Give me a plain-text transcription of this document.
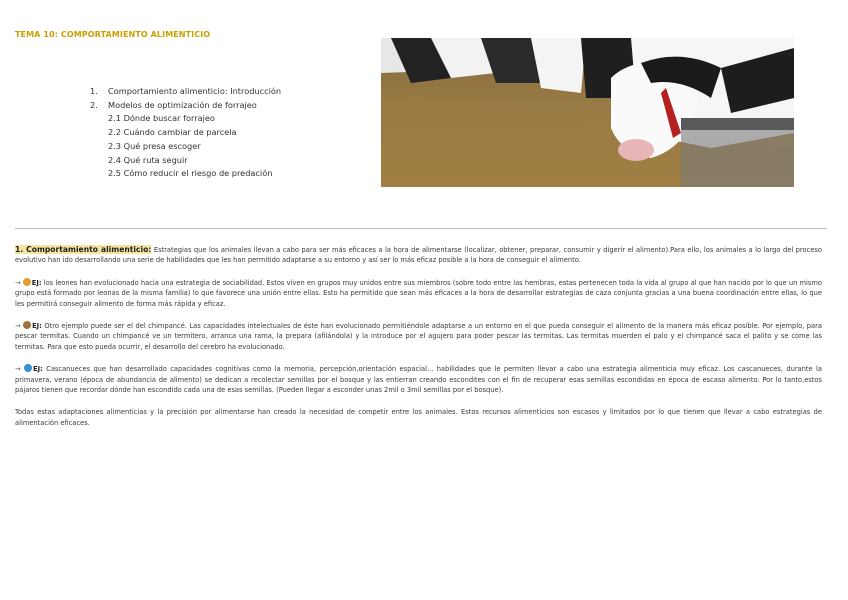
TEMA 10: COMPORTAMIENTO ALIMENTICIO
1. Comportamiento alimenticio: Introducción
2. Modelos de optimización de forrajeo
2.1 Dónde buscar forrajeo
2.2 Cuándo cambiar de parcela
2.3 Qué presa escoger
2.4 Qué ruta seguir
2.5 Cómo reducir el riesgo de predación

1. Comportamiento alimenticio: Estrategias que los animales llevan a cabo para ser más eficaces a la hora de alimentarse (localizar, obtener, preparar, consumir y digerir el alimento).Para ello, los animales a lo largo del proceso evolutivo han ido desarrollando una serie de habilidades que les han permitido adaptarse a su entorno y así ser lo más eficaz posible a la hora de conseguir el alimento.

→ EJ: los leones han evolucionado hacia una estrategia de sociabilidad. Estos viven en grupos muy unidos entre sus miembros (sobre todo entre las hembras, estas pertenecen toda la vida al grupo al que han nacido por lo que un mismo grupo está formado por leonas de la misma familia) lo que favorece una unión entre ellas. Esto ha permitido que sean más eficaces a la hora de desarrollar estrategias de caza conjunta gracias a una buena coordinación entre ellas, lo que les permitirá conseguir alimento de forma más rápida y eficaz.

→ EJ: Otro ejemplo puede ser el del chimpancé. Las capacidades intelectuales de éste han evolucionado permitiéndole adaptarse a un entorno en el que pueda conseguir el alimento de la manera más eficaz posible. Por ejemplo, para pescar termitas. Cuando un chimpancé ve un termitero, arranca una rama, la prepara (afilándola) y la introduce por el agujero para poder pescar las termitas. Las termitas muerden el palo y el chimpancé saca el palito y se come las termitas. Para que esto pueda ocurrir, el desarrollo del cerebro ha evolucionado.

→ EJ: Cascanueces que han desarrollado capacidades cognitivas como la memoria, percepción,orientación espacial... habilidades que le permiten llevar a cabo una estrategia alimenticia muy eficaz. Los cascanueces, durante la primavera, verano (época de abundancia de alimento) se dedican a recolectar semillas por el bosque y las entierran creando escondites con el fin de recuperar esas semillas escondidas en época de escaso alimento. Por lo tanto,estos pájaros tienen que recordar dónde han escondido cada una de esas semillas. (Pueden llegar a esconder unas 2mil o 3mil semillas por el bosque).

Todas estas adaptaciones alimenticias y la precisión por alimentarse han creado la necesidad de competir entre los animales. Estos recursos alimenticios son escasos y limitados por lo que tienen que llevar a cabo estrategias de alimentación eficaces.
